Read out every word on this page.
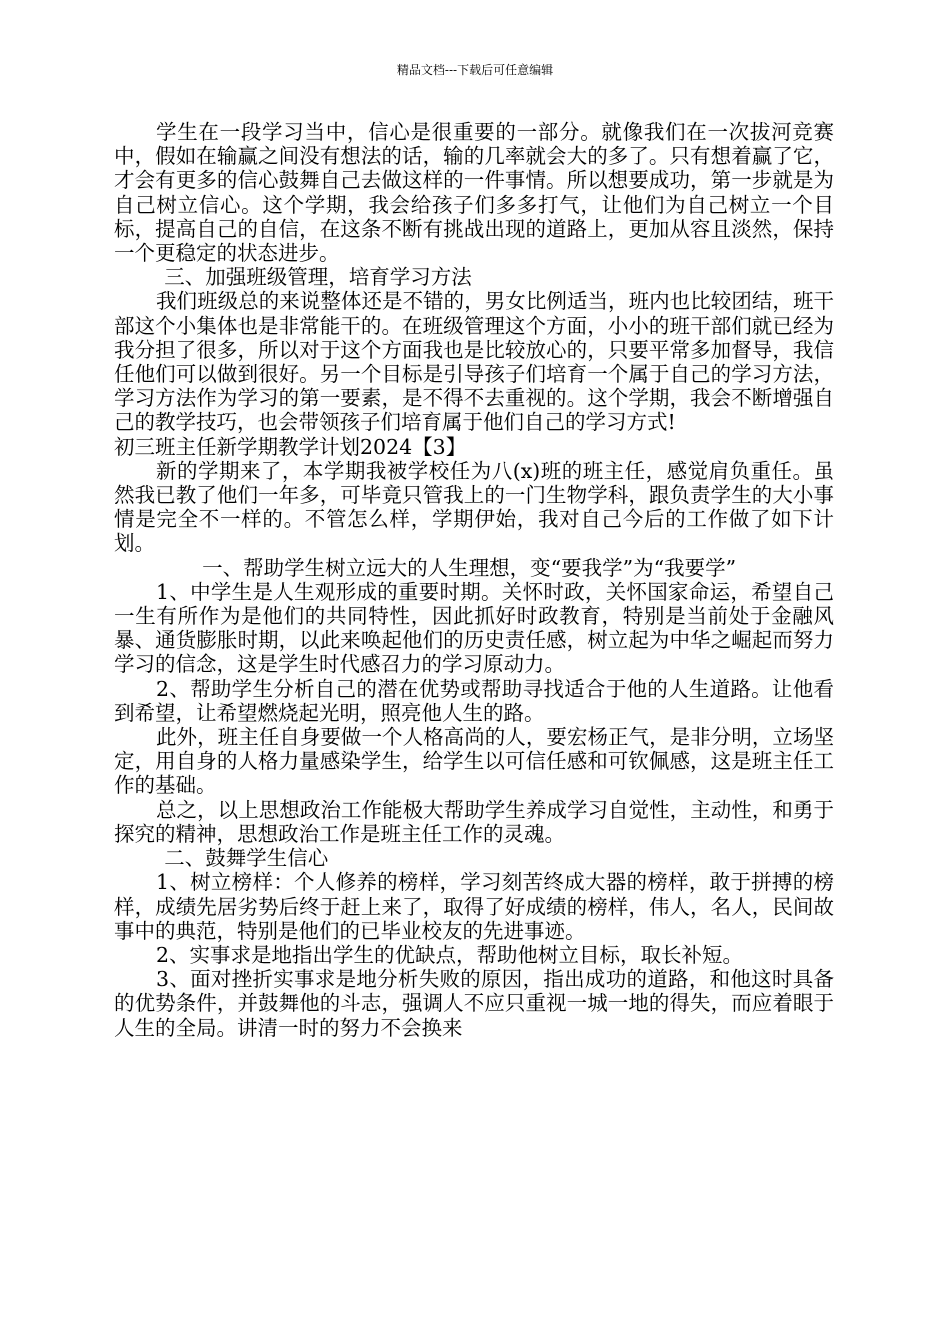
精品文档---下载后可任意编辑

学生在一段学习当中，信心是很重要的一部分。就像我们在一次拔河竞赛中，假如在输赢之间没有想法的话，输的几率就会大的多了。只有想着赢了它，才会有更多的信心鼓舞自己去做这样的一件事情。所以想要成功，第一步就是为自己树立信心。这个学期，我会给孩子们多多打气，让他们为自己树立一个目标，提高自己的自信，在这条不断有挑战出现的道路上，更加从容且淡然，保持一个更稳定的状态进步。

三、加强班级管理，培育学习方法

我们班级总的来说整体还是不错的，男女比例适当，班内也比较团结，班干部这个小集体也是非常能干的。在班级管理这个方面，小小的班干部们就已经为我分担了很多，所以对于这个方面我也是比较放心的，只要平常多加督导，我信任他们可以做到很好。另一个目标是引导孩子们培育一个属于自己的学习方法，学习方法作为学习的第一要素，是不得不去重视的。这个学期，我会不断增强自己的教学技巧，也会带领孩子们培育属于他们自己的学习方式!

初三班主任新学期教学计划2024【3】

新的学期来了，本学期我被学校任为八(x)班的班主任，感觉肩负重任。虽然我已教了他们一年多，可毕竟只管我上的一门生物学科，跟负责学生的大小事情是完全不一样的。不管怎么样，学期伊始，我对自己今后的工作做了如下计划。

一、帮助学生树立远大的人生理想，变“要我学”为“我要学”

1、中学生是人生观形成的重要时期。关怀时政，关怀国家命运，希望自己一生有所作为是他们的共同特性，因此抓好时政教育，特别是当前处于金融风暴、通货膨胀时期，以此来唤起他们的历史责任感，树立起为中华之崛起而努力学习的信念，这是学生时代感召力的学习原动力。

2、帮助学生分析自己的潜在优势或帮助寻找适合于他的人生道路。让他看到希望，让希望燃烧起光明，照亮他人生的路。

此外，班主任自身要做一个人格高尚的人，要宏杨正气，是非分明，立场坚定，用自身的人格力量感染学生，给学生以可信任感和可钦佩感，这是班主任工作的基础。

总之，以上思想政治工作能极大帮助学生养成学习自觉性，主动性，和勇于探究的精神，思想政治工作是班主任工作的灵魂。

二、鼓舞学生信心

1、树立榜样：个人修养的榜样，学习刻苦终成大器的榜样，敢于拼搏的榜样，成绩先居劣势后终于赶上来了，取得了好成绩的榜样，伟人，名人，民间故事中的典范，特别是他们的已毕业校友的先进事迹。

2、实事求是地指出学生的优缺点，帮助他树立目标，取长补短。

3、面对挫折实事求是地分析失败的原因，指出成功的道路，和他这时具备的优势条件，并鼓舞他的斗志，强调人不应只重视一城一地的得失，而应着眼于人生的全局。讲清一时的努力不会换来
